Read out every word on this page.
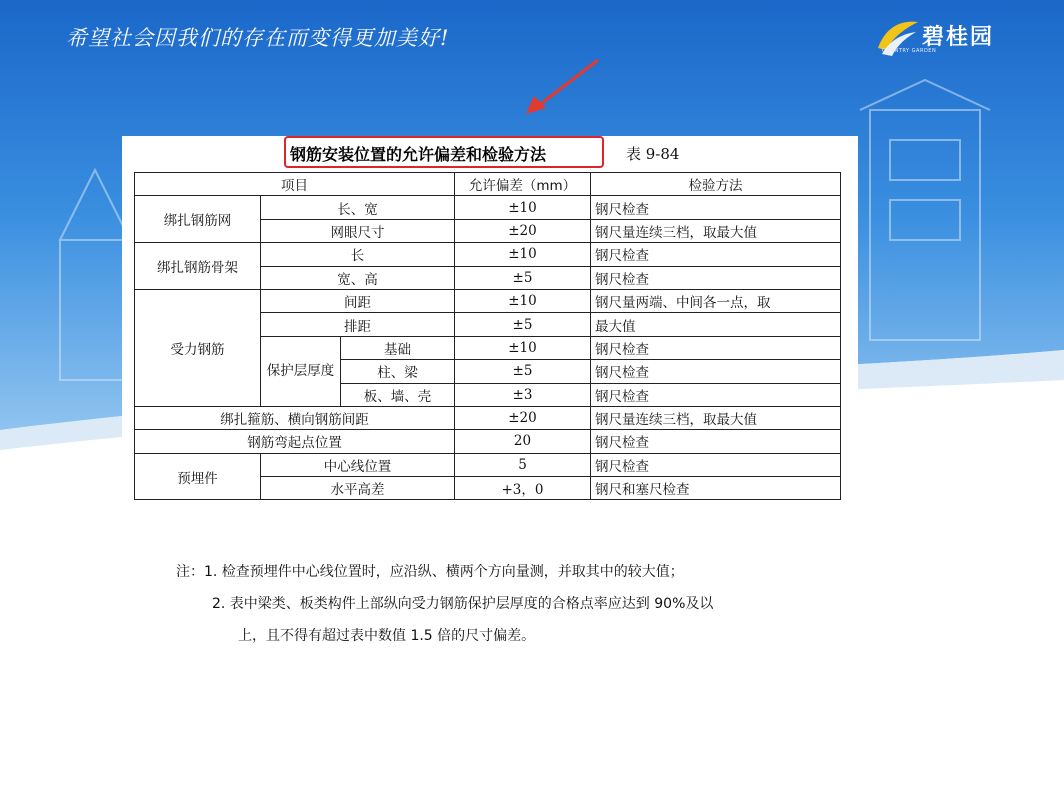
希望社会因我们的存在而变得更加美好!	碧桂园
COUNTRY GARDEN
钢筋安装位置的允许偏差和检验方法	表 9-84
项目			允许偏差（mm）	检验方法
绑扎钢筋网	长、宽		±10	钢尺检查
	网眼尺寸		±20	钢尺量连续三档，取最大值
绑扎钢筋骨架	长		±10	钢尺检查
	宽、高		±5	钢尺检查
受力钢筋	间距		±10	钢尺量两端、中间各一点，取
	排距		±5	最大值
	保护层厚度	基础	±10	钢尺检查
		柱、梁	±5	钢尺检查
		板、墙、壳	±3	钢尺检查
绑扎箍筋、横向钢筋间距			±20	钢尺量连续三档，取最大值
钢筋弯起点位置			20	钢尺检查
预埋件	中心线位置		5	钢尺检查
	水平高差		+3，0	钢尺和塞尺检查
注：1. 检查预埋件中心线位置时，应沿纵、横两个方向量测，并取其中的较大值；
2. 表中梁类、板类构件上部纵向受力钢筋保护层厚度的合格点率应达到 90%及以
上，且不得有超过表中数值 1.5 倍的尺寸偏差。
